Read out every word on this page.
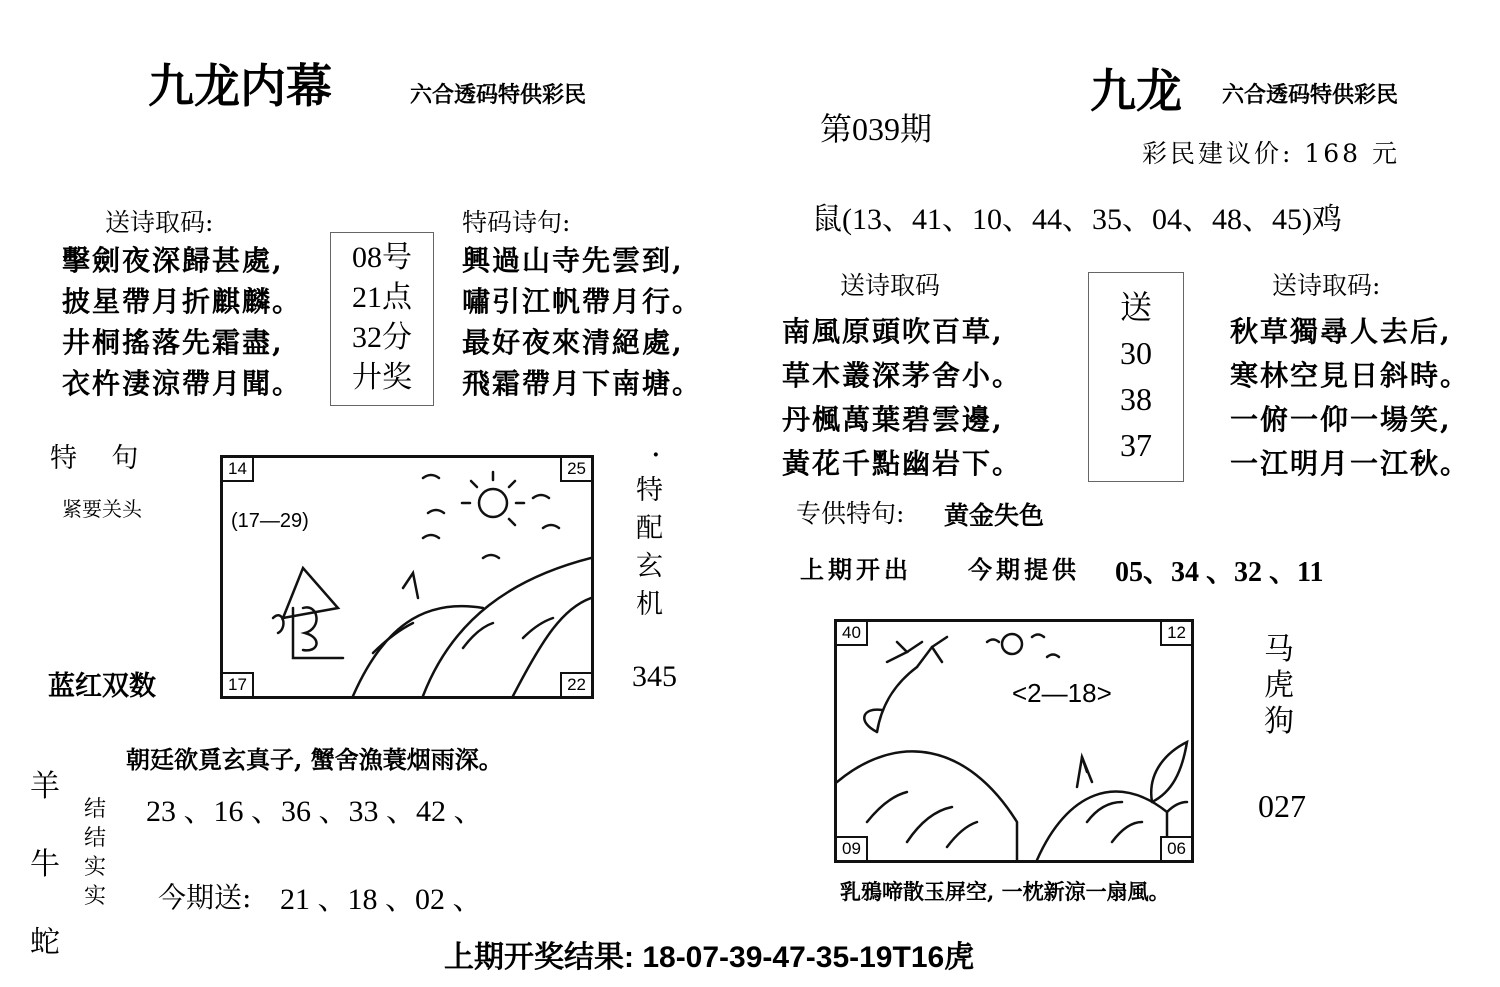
九龙内幕	六合透码特供彩民
送诗取码:
擊劍夜深歸甚處,
披星帶月折麒麟。
井桐搖落先霜盡,
衣杵淒涼帶月聞。
08号
21点
32分
廾奖
特码诗句:
興過山寺先雲到,
嘯引江帆帶月行。
最好夜來清絕處,
飛霜帶月下南塘。
特    句
紧要关头
蓝红双数
14	25
17	22
(17—29)
·
特
配
玄
机
345
朝廷欲覓玄真子, 蟹舍漁蓑烟雨深。
羊
牛
蛇
结
结
实
实
23 、16 、36 、33 、42 、
今期送: 21 、18 、02 、
九龙 六合透码特供彩民
第039期
彩民建议价: 168 元
鼠(13、41、10、44、35、04、48、45)鸡
送诗取码
南風原頭吹百草,
草木叢深茅舍小。
丹楓萬葉碧雲邊,
黃花千點幽岩下。
送
30
38
37
送诗取码:
秋草獨尋人去后,
寒林空見日斜時。
一俯一仰一場笑,
一江明月一江秋。
专供特句: 黄金失色
上期开出 今期提供 05、34 、32 、11
40	12
09	06
<2—18>
马
虎
狗
027
乳鴉啼散玉屏空, 一枕新涼一扇風。
上期开奖结果: 18-07-39-47-35-19T16虎
